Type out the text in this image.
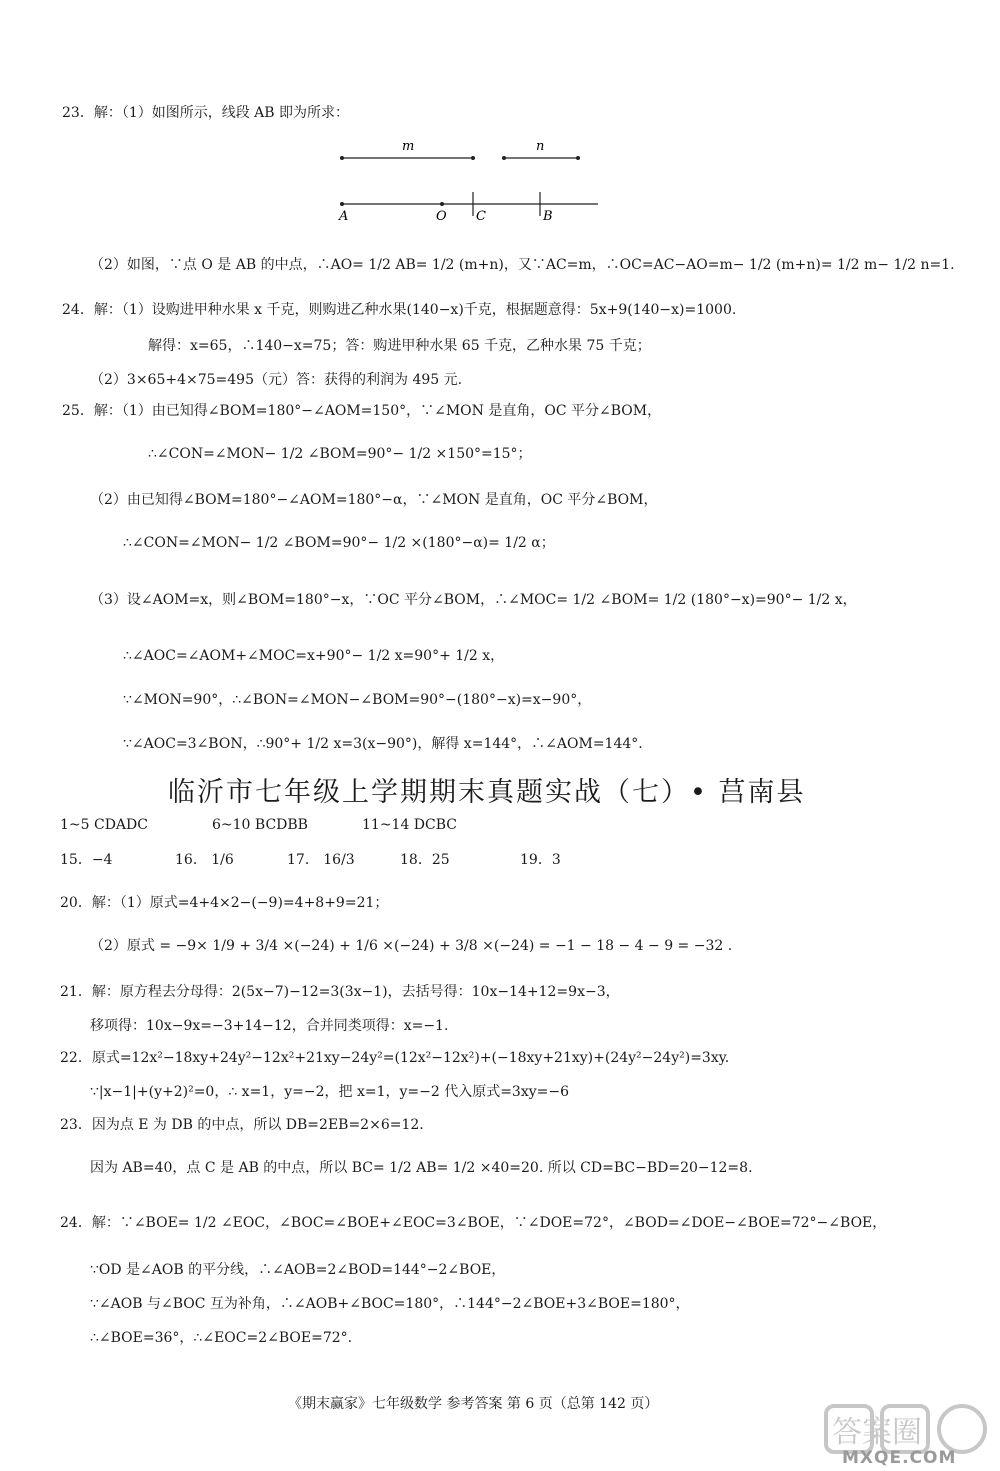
23．解：（1）如图所示，线段 AB 即为所求：
m	n
A	O C	B
（2）如图，∵点 O 是 AB 的中点，∴AO= 1/2 AB= 1/2 (m+n)，又∵AC=m，∴OC=AC−AO=m− 1/2 (m+n)= 1/2 m− 1/2 n=1.
24．解：（1）设购进甲种水果 x 千克，则购进乙种水果(140−x)千克，根据题意得：5x+9(140−x)=1000.
解得：x=65，∴140−x=75；答：购进甲种水果 65 千克，乙种水果 75 千克；
（2）3×65+4×75=495（元）答：获得的利润为 495 元.
25．解：（1）由已知得∠BOM=180°−∠AOM=150°，∵∠MON 是直角，OC 平分∠BOM，
∴∠CON=∠MON− 1/2 ∠BOM=90°− 1/2 ×150°=15°；
（2）由已知得∠BOM=180°−∠AOM=180°−α，∵∠MON 是直角，OC 平分∠BOM，
∴∠CON=∠MON− 1/2 ∠BOM=90°− 1/2 ×(180°−α)= 1/2 α；
（3）设∠AOM=x，则∠BOM=180°−x，∵OC 平分∠BOM，∴∠MOC= 1/2 ∠BOM= 1/2 (180°−x)=90°− 1/2 x，
∴∠AOC=∠AOM+∠MOC=x+90°− 1/2 x=90°+ 1/2 x，
∵∠MON=90°，∴∠BON=∠MON−∠BOM=90°−(180°−x)=x−90°，
∵∠AOC=3∠BON，∴90°+ 1/2 x=3(x−90°)，解得 x=144°，∴∠AOM=144°.
临沂市七年级上学期期末真题实战（七）• 莒南县
1~5 CDADC	6~10 BCDBB	11~14 DCBC
15．−4	16． 1/6	17． 16/3	18．25	19．3
20．解：（1）原式=4+4×2−(−9)=4+8+9=21；
（2）原式 = −9× 1/9 + 3/4 ×(−24) + 1/6 ×(−24) + 3/8 ×(−24) = −1 − 18 − 4 − 9 = −32 .
21．解：原方程去分母得：2(5x−7)−12=3(3x−1)，去括号得：10x−14+12=9x−3，
移项得：10x−9x=−3+14−12，合并同类项得：x=−1.
22．原式=12x²−18xy+24y²−12x²+21xy−24y²=(12x²−12x²)+(−18xy+21xy)+(24y²−24y²)=3xy.
∵|x−1|+(y+2)²=0，∴ x=1，y=−2，把 x=1，y=−2 代入原式=3xy=−6
23．因为点 E 为 DB 的中点，所以 DB=2EB=2×6=12.
因为 AB=40，点 C 是 AB 的中点，所以 BC= 1/2 AB= 1/2 ×40=20. 所以 CD=BC−BD=20−12=8.
24．解：∵∠BOE= 1/2 ∠EOC，∠BOC=∠BOE+∠EOC=3∠BOE，∵∠DOE=72°，∠BOD=∠DOE−∠BOE=72°−∠BOE，
∵OD 是∠AOB 的平分线，∴∠AOB=2∠BOD=144°−2∠BOE，
∵∠AOB 与∠BOC 互为补角，∴∠AOB+∠BOC=180°，∴144°−2∠BOE+3∠BOE=180°，
∴∠BOE=36°，∴∠EOC=2∠BOE=72°.
《期末赢家》七年级数学 参考答案 第 6 页（总第 142 页）
答案圈
MXQE.COM
